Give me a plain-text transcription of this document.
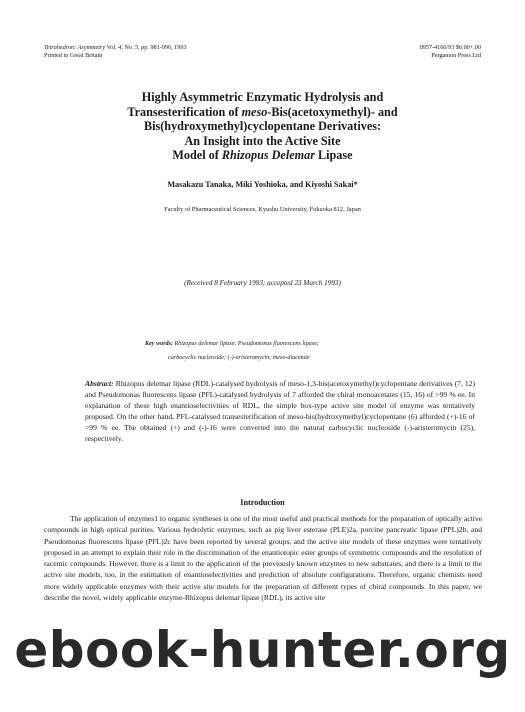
Tetrahedron: Asymmetry Vol. 4, No. 5, pp. 981-996, 1993
Printed in Great Britain
0957-4166/93 $6.00+.00
Pergamon Press Ltd
Highly Asymmetric Enzymatic Hydrolysis and
Transesterification of meso-Bis(acetoxymethyl)- and
Bis(hydroxymethyl)cyclopentane Derivatives:
An Insight into the Active Site
Model of Rhizopus Delemar Lipase
Masakazu Tanaka, Miki Yoshioka, and Kiyoshi Sakai*
Faculty of Pharmaceutical Sciences, Kyushu University, Fukuoka 812, Japan
(Received 8 February 1993; accepted 23 March 1993)
Key words: Rhizopus delemar lipase; Pseudomonas fluorescens lipase;
carbocyclic nucleoside; (-)-aristeromycin; meso-diacetate
Abstract: Rhizopus delemar lipase (RDL)-catalysed hydrolysis of meso-1,3-bis(acetoxymethyl)cyclopentane derivatives (7, 12) and Pseudomonas fluorescens lipase (PFL)-catalysed hydrolysis of 7 afforded the chiral monoacetates (15, 16) of >99 % ee. In explanation of these high enantioselectivities of RDL, the simple box-type active site model of enzyme was tentatively proposed. On the other hand, PFL-catalysed transesterification of meso-bis(hydroxymethyl)cyclopentane (6) afforded (+)-16 of >99 % ee. The obtained (+) and (-)-16 were converted into the natural carbocyclic nucleoside (-)-aristeromycin (25), respectively.
Introduction

The application of enzymes1 to organic syntheses is one of the most useful and practical methods for the preparation of optically active compounds in high optical purities. Various hydrolytic enzymes, such as pig liver esterase (PLE)2a, porcine pancreatic lipase (PPL)2b, and Pseudomonas fluorescens lipase (PFL)2c have been reported by several groups, and the active site models of these enzymes were tentatively proposed in an attempt to explain their role in the discrimination of the enantiotopic ester groups of symmetric compounds and the resolution of racemic compounds. However, there is a limit to the application of the previously known enzymes to new substrates, and there is a limit to the active site models, too, in the estimation of enantioselectivities and prediction of absolute configurations. Therefore, organic chemists need more widely applicable enzymes with their active site models for the preparation of different types of chiral compounds. In this paper, we describe the novel, widely applicable enzyme-Rhizopus delemar lipase (RDL), its active site

ebook-hunter.org
